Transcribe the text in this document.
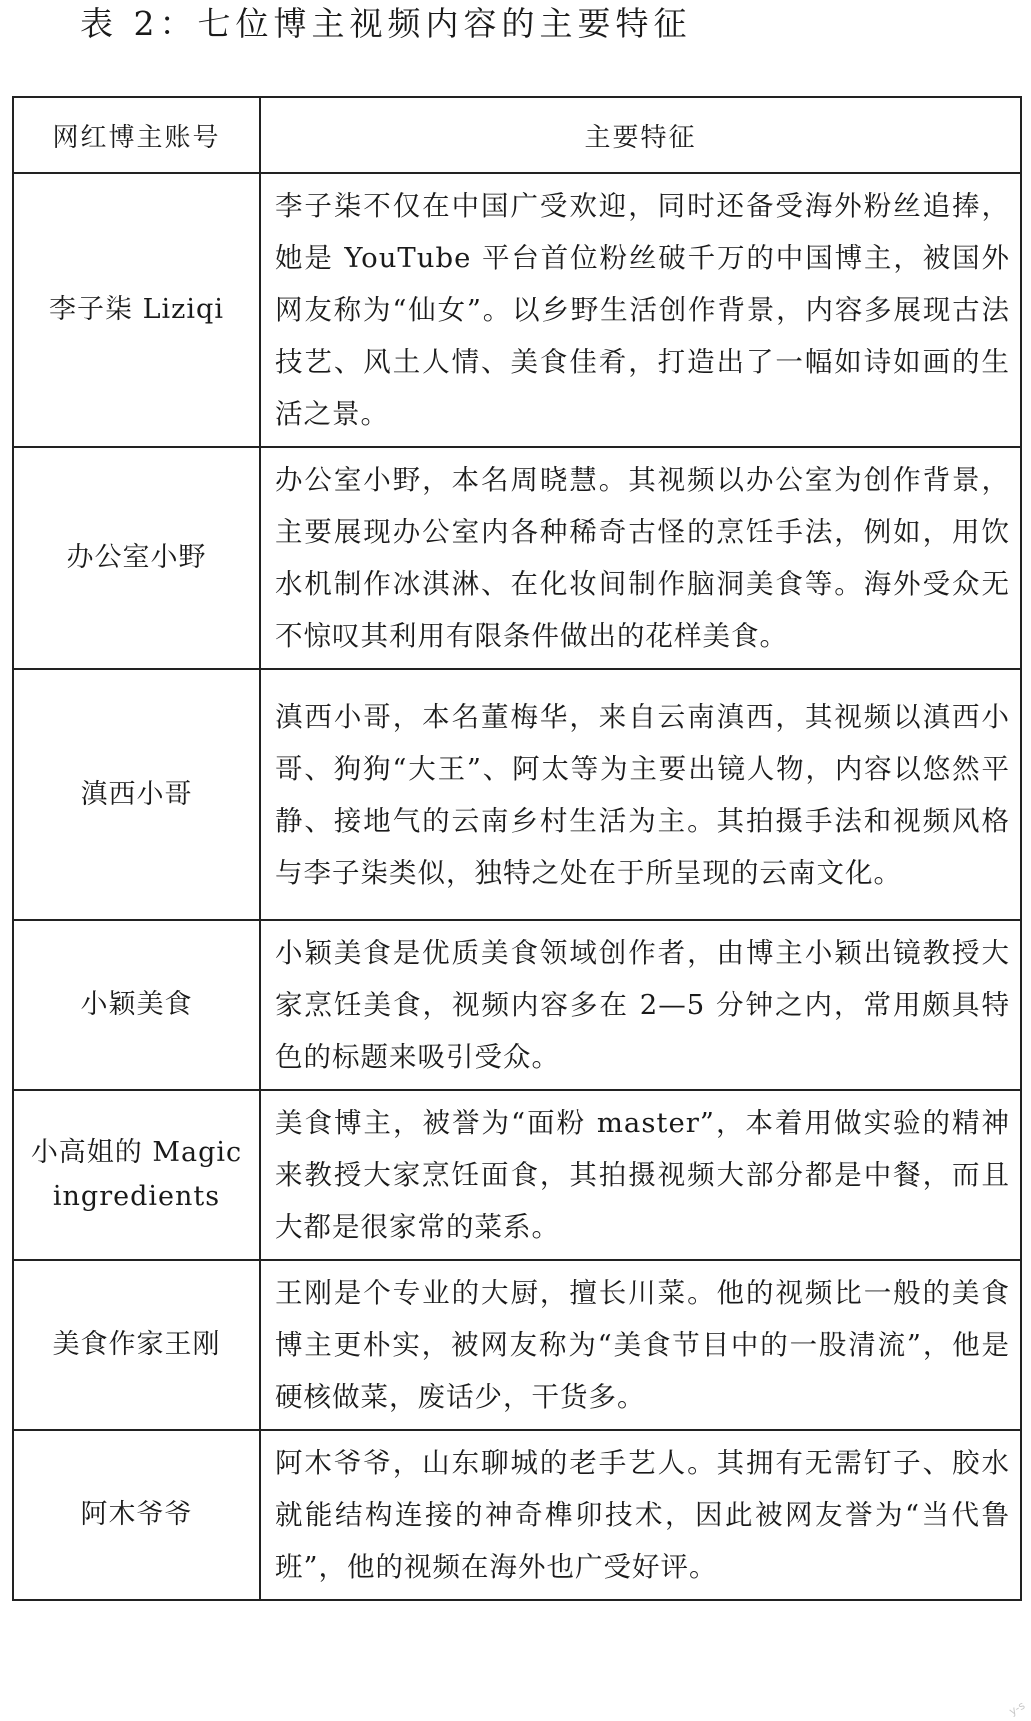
表 2：七位博主视频内容的主要特征
网红博主账号	主要特征
李子柒 Liziqi	李子柒不仅在中国广受欢迎，同时还备受海外粉丝追捧，她是 YouTube 平台首位粉丝破千万的中国博主，被国外网友称为“仙女”。以乡野生活创作背景，内容多展现古法技艺、风土人情、美食佳肴，打造出了一幅如诗如画的生活之景。
办公室小野	办公室小野，本名周晓慧。其视频以办公室为创作背景，主要展现办公室内各种稀奇古怪的烹饪手法，例如，用饮水机制作冰淇淋、在化妆间制作脑洞美食等。海外受众无不惊叹其利用有限条件做出的花样美食。
滇西小哥	滇西小哥，本名董梅华，来自云南滇西，其视频以滇西小哥、狗狗“大王”、阿太等为主要出镜人物，内容以悠然平静、接地气的云南乡村生活为主。其拍摄手法和视频风格与李子柒类似，独特之处在于所呈现的云南文化。
小颖美食	小颖美食是优质美食领域创作者，由博主小颖出镜教授大家烹饪美食，视频内容多在 2—5 分钟之内，常用颇具特色的标题来吸引受众。
小高姐的 Magic ingredients	美食博主，被誉为“面粉 master”，本着用做实验的精神来教授大家烹饪面食，其拍摄视频大部分都是中餐，而且大都是很家常的菜系。
美食作家王刚	王刚是个专业的大厨，擅长川菜。他的视频比一般的美食博主更朴实，被网友称为“美食节目中的一股清流”，他是硬核做菜，废话少，干货多。
阿木爷爷	阿木爷爷，山东聊城的老手艺人。其拥有无需钉子、胶水就能结构连接的神奇榫卯技术，因此被网友誉为“当代鲁班”，他的视频在海外也广受好评。
y-s
